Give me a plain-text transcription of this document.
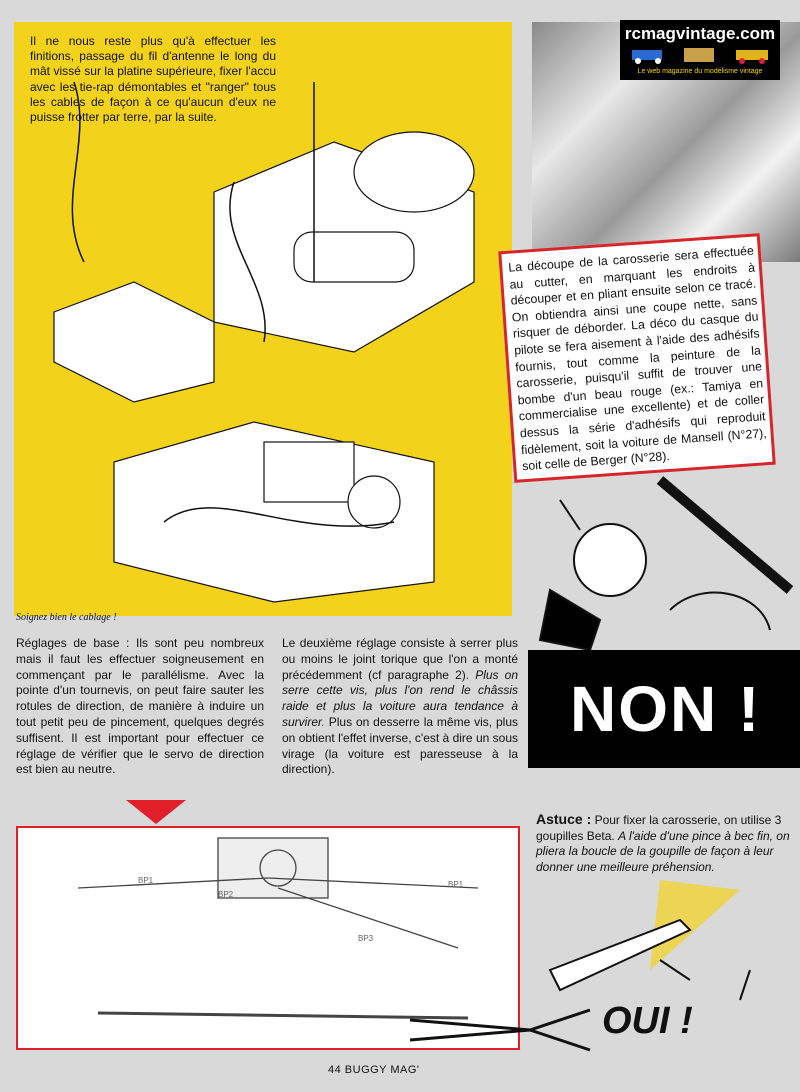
rcmagvintage.com
Le web magazine du modélisme vintage
Il ne nous reste plus qu'à effectuer les finitions, passage du fil d'antenne le long du mât vissé sur la platine supérieure, fixer l'accu avec les tie-rap démontables et "ranger" tous les cables de façon à ce qu'aucun d'eux ne puisse frotter par terre, par la suite.
La découpe de la carosserie sera effectuée au cutter, en marquant les endroits à découper et en pliant ensuite selon ce tracé. On obtiendra ainsi une coupe nette, sans risquer de déborder. La déco du casque du pilote se fera aisement à l'aide des adhésifs fournis, tout comme la peinture de la carosserie, puisqu'il suffit de trouver une bombe d'un beau rouge (ex.: Tamiya en commercialise une excellente) et de coller dessus la série d'adhésifs qui reproduit fidèlement, soit la voiture de Mansell (N°27), soit celle de Berger (N°28).
Soignez bien le cablage !
Réglages de base : Ils sont peu nombreux mais il faut les effectuer soigneusement en commençant par le parallélisme. Avec la pointe d'un tournevis, on peut faire sauter les rotules de direction, de manière à induire un tout petit peu de pincement, quelques degrés suffisent. Il est important pour effectuer ce réglage de vérifier que le servo de direction est bien au neutre.
Le deuxième réglage consiste à serrer plus ou moins le joint torique que l'on a monté précédemment (cf paragraphe 2). Plus on serre cette vis, plus l'on rend le châssis raide et plus la voiture aura tendance à survirer. Plus on desserre la même vis, plus on obtient l'effet inverse, c'est à dire un sous virage (la voiture est paresseuse à la direction).
NON !
Astuce : Pour fixer la carosserie, on utilise 3 goupilles Beta. A l'aide d'une pince à bec fin, on pliera la boucle de la goupille de façon à leur donner une meilleure préhension.
BP1
BP2
BP3
BP1
OUI !
44 BUGGY MAG'
